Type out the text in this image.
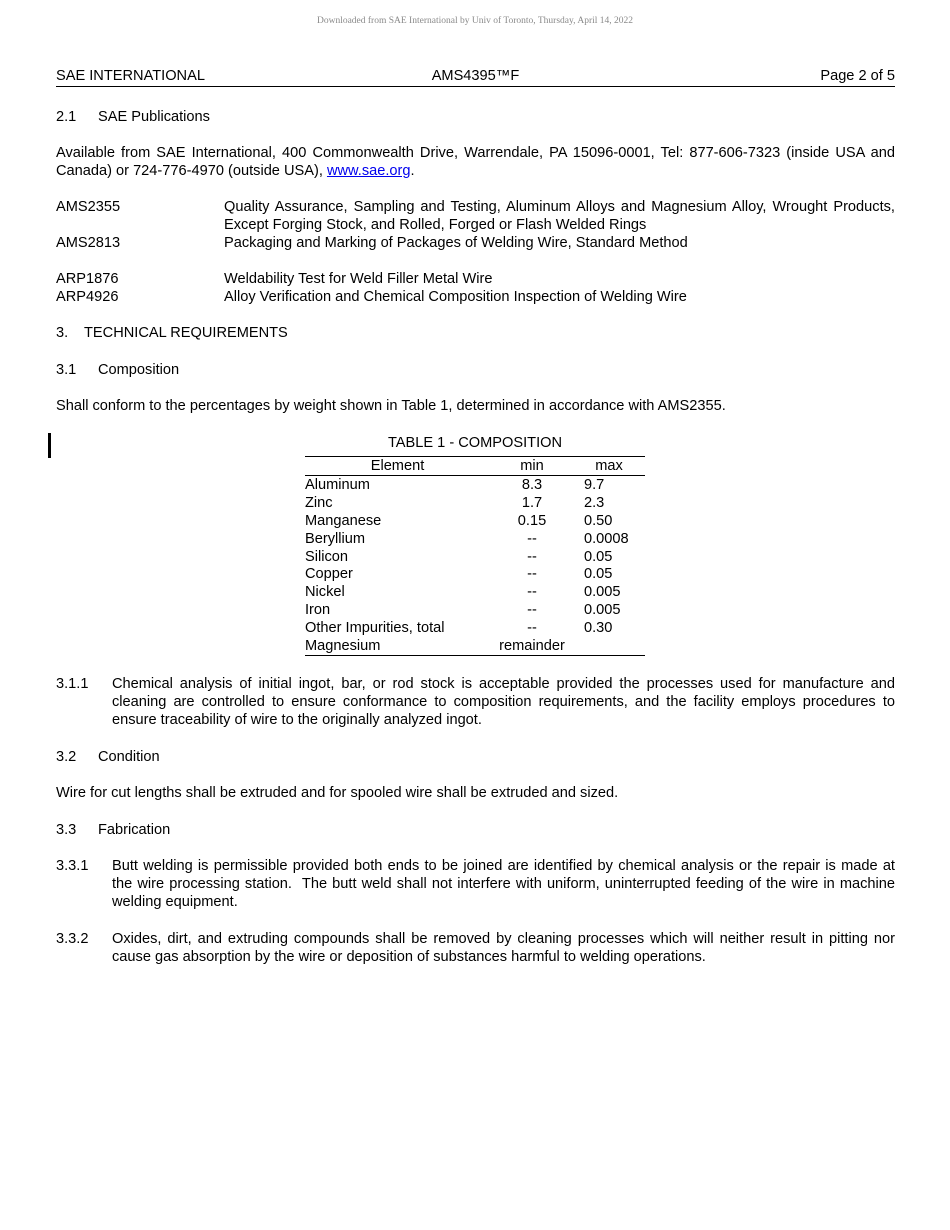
Downloaded from SAE International by Univ of Toronto, Thursday, April 14, 2022
SAE INTERNATIONAL	AMS4395™F	Page 2 of 5
2.1 SAE Publications
Available from SAE International, 400 Commonwealth Drive, Warrendale, PA 15096-0001, Tel: 877-606-7323 (inside USA and Canada) or 724-776-4970 (outside USA), www.sae.org.
AMS2355	Quality Assurance, Sampling and Testing, Aluminum Alloys and Magnesium Alloy, Wrought Products, Except Forging Stock, and Rolled, Forged or Flash Welded Rings
AMS2813	Packaging and Marking of Packages of Welding Wire, Standard Method
ARP1876	Weldability Test for Weld Filler Metal Wire
ARP4926	Alloy Verification and Chemical Composition Inspection of Welding Wire
3. TECHNICAL REQUIREMENTS
3.1 Composition
Shall conform to the percentages by weight shown in Table 1, determined in accordance with AMS2355.
TABLE 1 - COMPOSITION
Element	min	max
Aluminum	8.3	9.7
Zinc	1.7	2.3
Manganese	0.15	0.50
Beryllium	--	0.0008
Silicon	--	0.05
Copper	--	0.05
Nickel	--	0.005
Iron	--	0.005
Other Impurities, total	--	0.30
Magnesium	remainder
3.1.1 Chemical analysis of initial ingot, bar, or rod stock is acceptable provided the processes used for manufacture and cleaning are controlled to ensure conformance to composition requirements, and the facility employs procedures to ensure traceability of wire to the originally analyzed ingot.
3.2 Condition
Wire for cut lengths shall be extruded and for spooled wire shall be extruded and sized.
3.3 Fabrication
3.3.1 Butt welding is permissible provided both ends to be joined are identified by chemical analysis or the repair is made at the wire processing station.  The butt weld shall not interfere with uniform, uninterrupted feeding of the wire in machine welding equipment.
3.3.2 Oxides, dirt, and extruding compounds shall be removed by cleaning processes which will neither result in pitting nor cause gas absorption by the wire or deposition of substances harmful to welding operations.
